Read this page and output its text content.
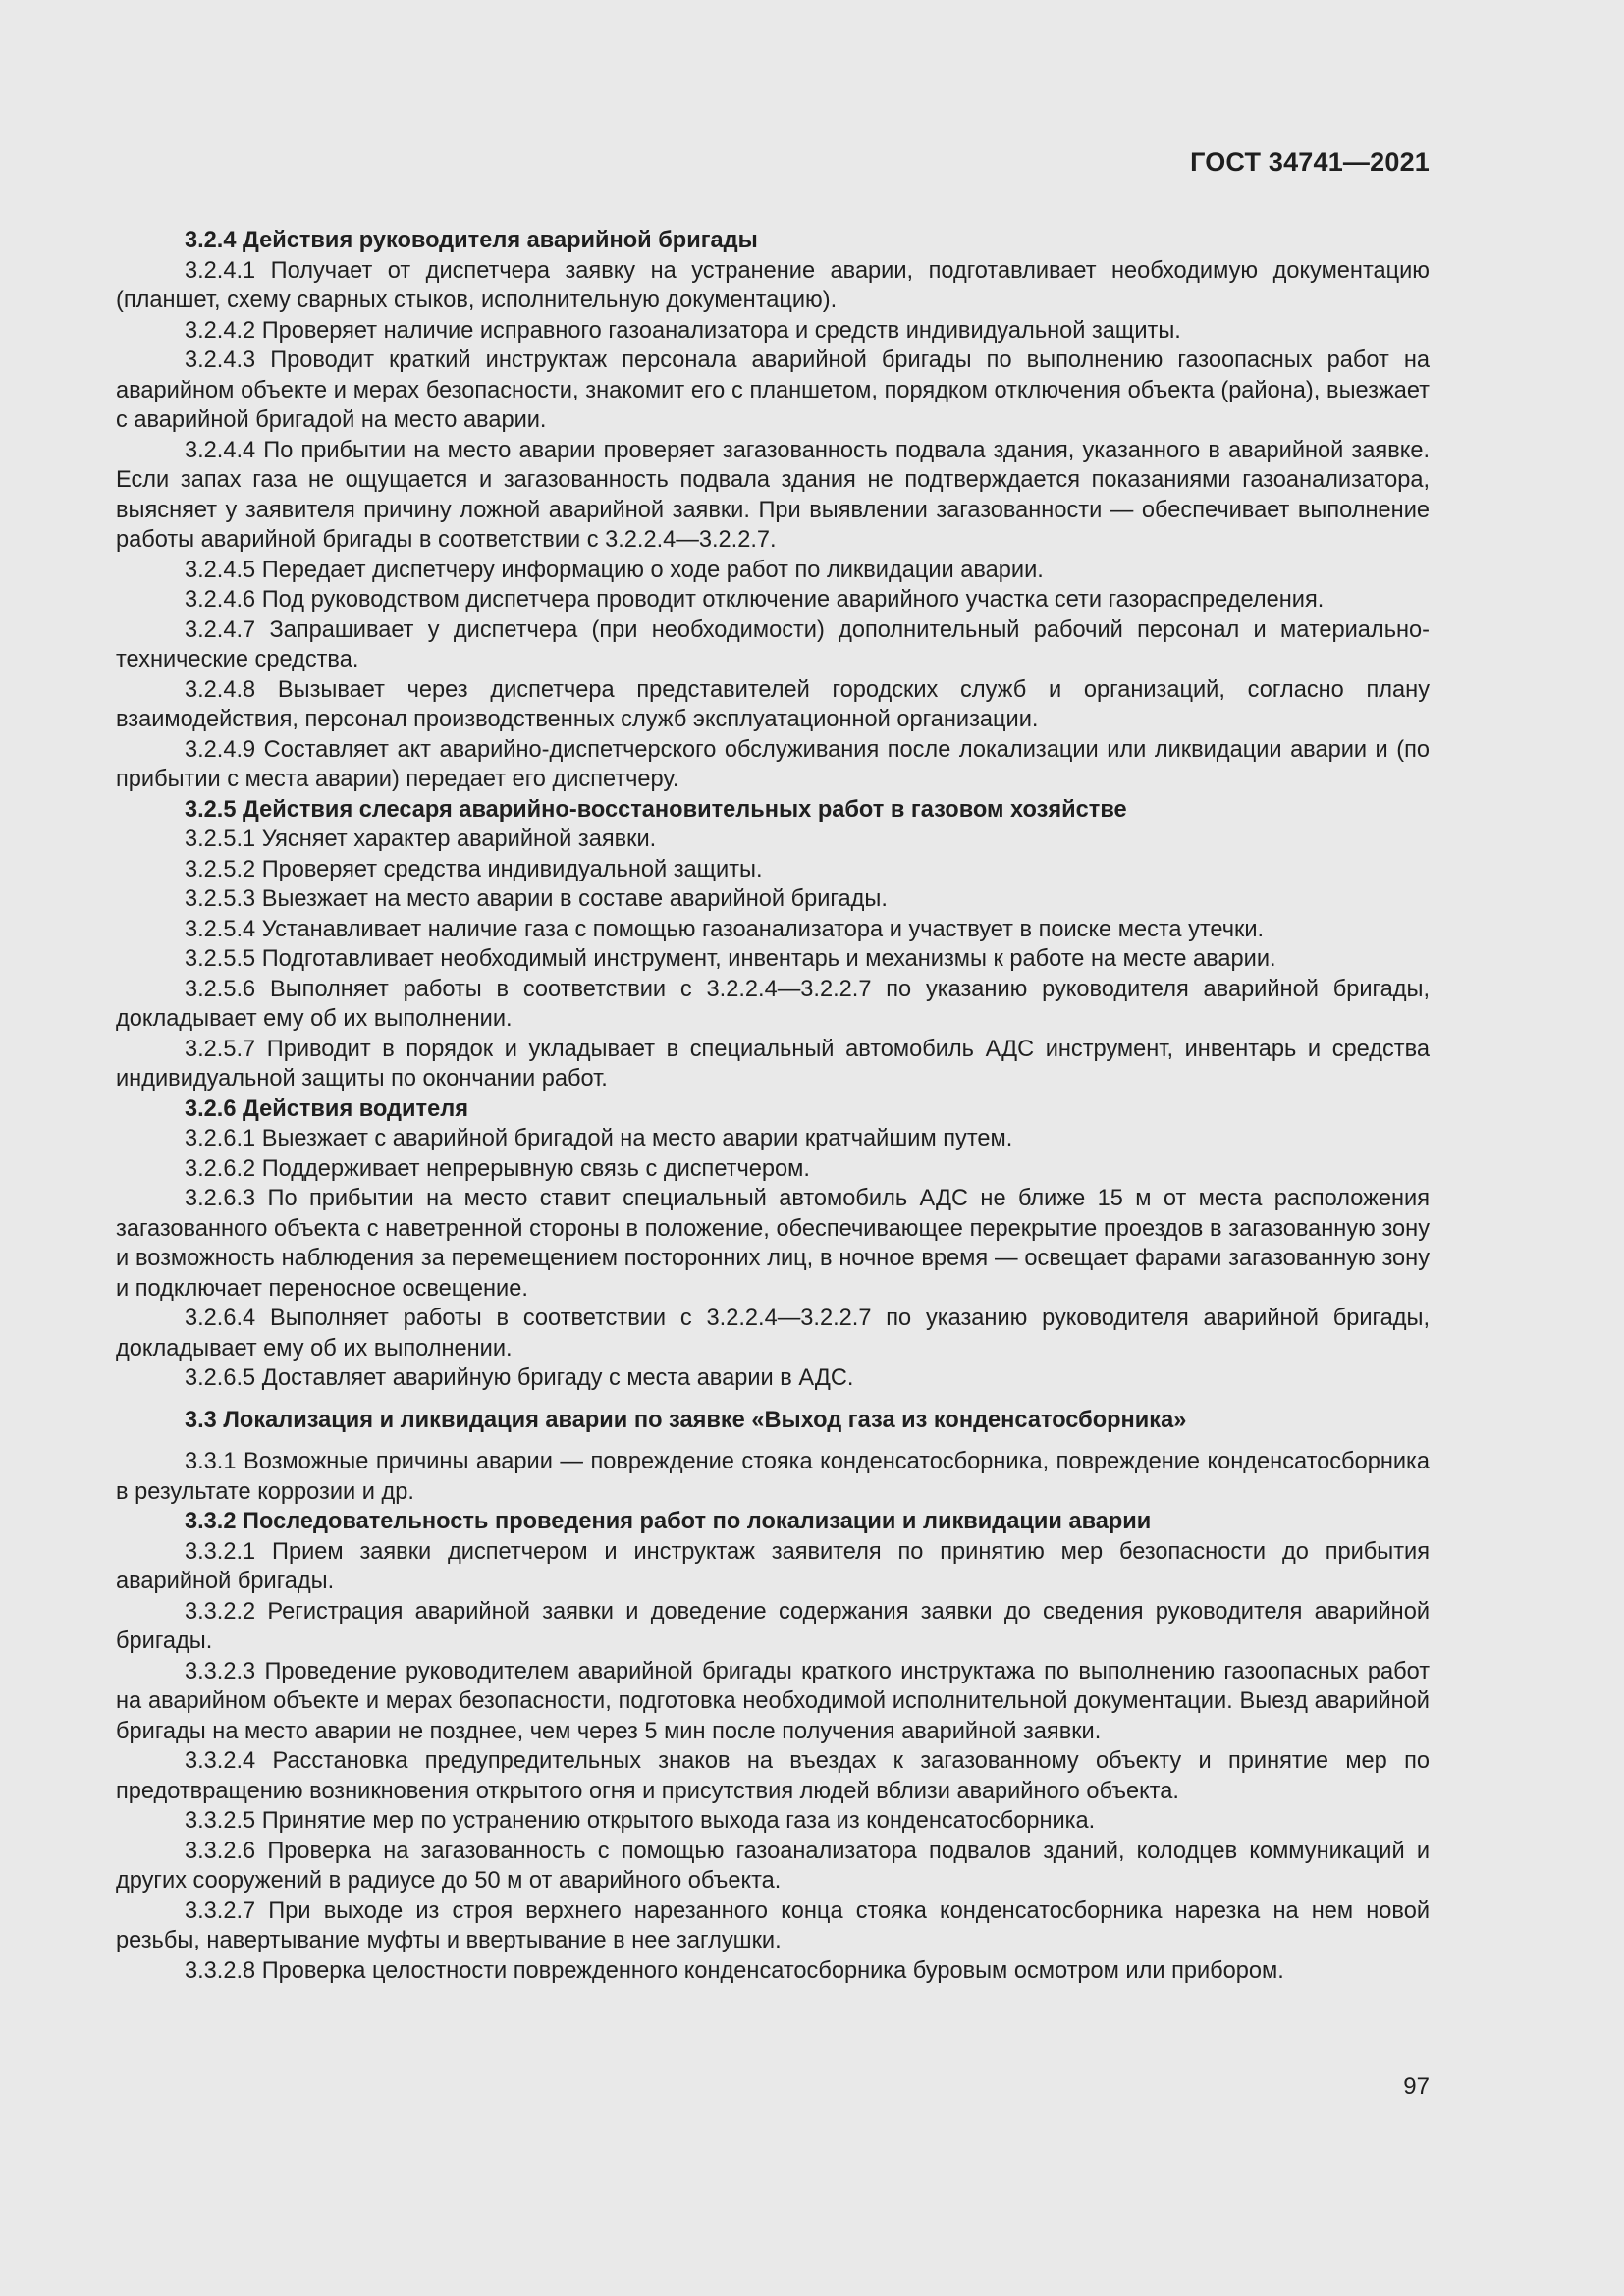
ГОСТ 34741—2021

3.2.4 Действия руководителя аварийной бригады

3.2.4.1 Получает от диспетчера заявку на устранение аварии, подготавливает необходимую документацию (планшет, схему сварных стыков, исполнительную документацию).

3.2.4.2 Проверяет наличие исправного газоанализатора и средств индивидуальной защиты.

3.2.4.3 Проводит краткий инструктаж персонала аварийной бригады по выполнению газоопасных работ на аварийном объекте и мерах безопасности, знакомит его с планшетом, порядком отключения объекта (района), выезжает с аварийной бригадой на место аварии.

3.2.4.4 По прибытии на место аварии проверяет загазованность подвала здания, указанного в аварийной заявке. Если запах газа не ощущается и загазованность подвала здания не подтверждается показаниями газоанализатора, выясняет у заявителя причину ложной аварийной заявки. При выявлении загазованности — обеспечивает выполнение работы аварийной бригады в соответствии с 3.2.2.4—3.2.2.7.

3.2.4.5 Передает диспетчеру информацию о ходе работ по ликвидации аварии.

3.2.4.6 Под руководством диспетчера проводит отключение аварийного участка сети газораспределения.

3.2.4.7 Запрашивает у диспетчера (при необходимости) дополнительный рабочий персонал и материально-технические средства.

3.2.4.8 Вызывает через диспетчера представителей городских служб и организаций, согласно плану взаимодействия, персонал производственных служб эксплуатационной организации.

3.2.4.9 Составляет акт аварийно-диспетчерского обслуживания после локализации или ликвидации аварии и (по прибытии с места аварии) передает его диспетчеру.

3.2.5 Действия слесаря аварийно-восстановительных работ в газовом хозяйстве

3.2.5.1 Уясняет характер аварийной заявки.

3.2.5.2 Проверяет средства индивидуальной защиты.

3.2.5.3 Выезжает на место аварии в составе аварийной бригады.

3.2.5.4 Устанавливает наличие газа с помощью газоанализатора и участвует в поиске места утечки.

3.2.5.5 Подготавливает необходимый инструмент, инвентарь и механизмы к работе на месте аварии.

3.2.5.6 Выполняет работы в соответствии с 3.2.2.4—3.2.2.7 по указанию руководителя аварийной бригады, докладывает ему об их выполнении.

3.2.5.7 Приводит в порядок и укладывает в специальный автомобиль АДС инструмент, инвентарь и средства индивидуальной защиты по окончании работ.

3.2.6 Действия водителя

3.2.6.1 Выезжает с аварийной бригадой на место аварии кратчайшим путем.

3.2.6.2 Поддерживает непрерывную связь с диспетчером.

3.2.6.3 По прибытии на место ставит специальный автомобиль АДС не ближе 15 м от места расположения загазованного объекта с наветренной стороны в положение, обеспечивающее перекрытие проездов в загазованную зону и возможность наблюдения за перемещением посторонних лиц, в ночное время — освещает фарами загазованную зону и подключает переносное освещение.

3.2.6.4 Выполняет работы в соответствии с 3.2.2.4—3.2.2.7 по указанию руководителя аварийной бригады, докладывает ему об их выполнении.

3.2.6.5 Доставляет аварийную бригаду с места аварии в АДС.

3.3 Локализация и ликвидация аварии по заявке «Выход газа из конденсатосборника»

3.3.1 Возможные причины аварии — повреждение стояка конденсатосборника, повреждение конденсатосборника в результате коррозии и др.

3.3.2 Последовательность проведения работ по локализации и ликвидации аварии

3.3.2.1 Прием заявки диспетчером и инструктаж заявителя по принятию мер безопасности до прибытия аварийной бригады.

3.3.2.2 Регистрация аварийной заявки и доведение содержания заявки до сведения руководителя аварийной бригады.

3.3.2.3 Проведение руководителем аварийной бригады краткого инструктажа по выполнению газоопасных работ на аварийном объекте и мерах безопасности, подготовка необходимой исполнительной документации. Выезд аварийной бригады на место аварии не позднее, чем через 5 мин после получения аварийной заявки.

3.3.2.4 Расстановка предупредительных знаков на въездах к загазованному объекту и принятие мер по предотвращению возникновения открытого огня и присутствия людей вблизи аварийного объекта.

3.3.2.5 Принятие мер по устранению открытого выхода газа из конденсатосборника.

3.3.2.6 Проверка на загазованность с помощью газоанализатора подвалов зданий, колодцев коммуникаций и других сооружений в радиусе до 50 м от аварийного объекта.

3.3.2.7 При выходе из строя верхнего нарезанного конца стояка конденсатосборника нарезка на нем новой резьбы, навертывание муфты и ввертывание в нее заглушки.

3.3.2.8 Проверка целостности поврежденного конденсатосборника буровым осмотром или прибором.

97
